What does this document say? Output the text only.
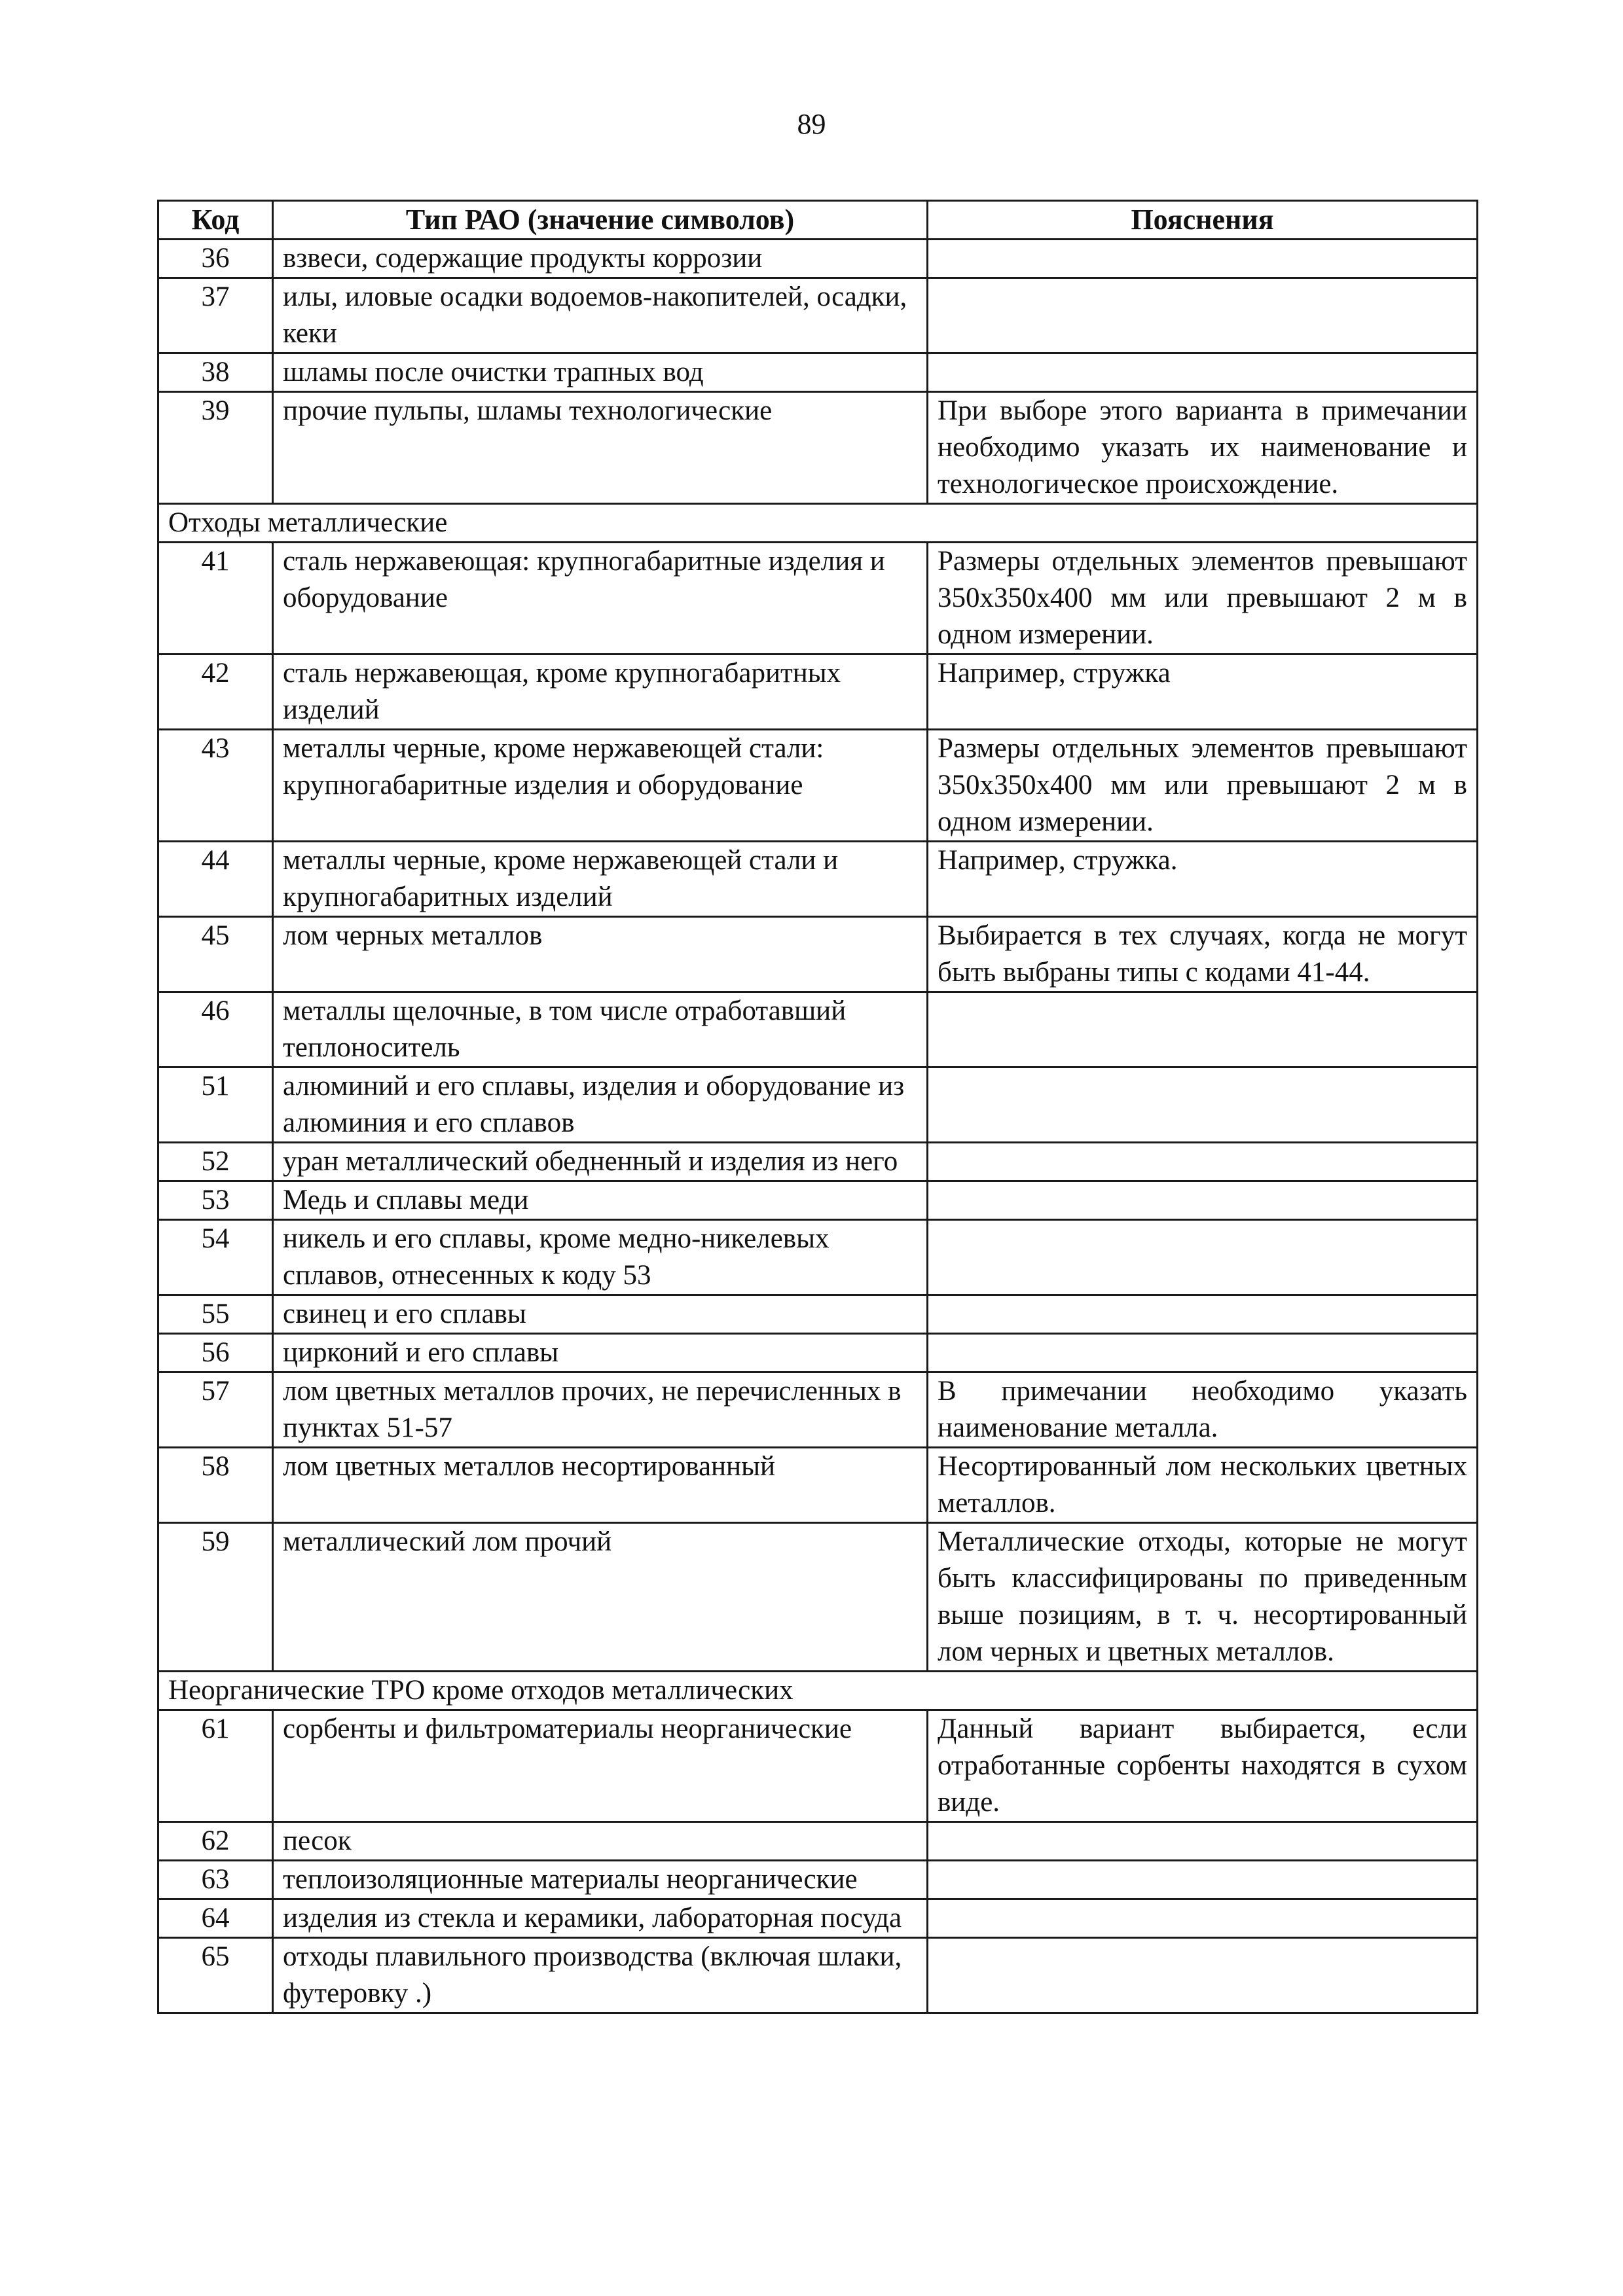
89
Код	Тип РАО (значение символов)	Пояснения
36	взвеси, содержащие продукты коррозии	
37	илы, иловые осадки водоемов-накопителей, осадки, кеки	
38	шламы после очистки трапных вод	
39	прочие пульпы, шламы технологические	При выборе этого варианта в примечании необходимо указать их наименование и технологическое происхождение.
Отходы металлические		
41	сталь нержавеющая: крупногабаритные изделия и оборудование	Размеры отдельных элементов превышают 350х350х400 мм или превышают 2 м в одном измерении.
42	сталь нержавеющая, кроме крупногабаритных изделий	Например, стружка
43	металлы черные, кроме нержавеющей стали: крупногабаритные изделия и оборудование	Размеры отдельных элементов превышают 350х350х400 мм или превышают 2 м в одном измерении.
44	металлы черные, кроме нержавеющей стали и крупногабаритных изделий	Например, стружка.
45	лом черных металлов	Выбирается в тех случаях, когда не могут быть выбраны типы с кодами 41-44.
46	металлы щелочные, в том числе отработавший теплоноситель	
51	алюминий и его сплавы, изделия и оборудование из алюминия и его сплавов	
52	уран металлический обедненный и изделия из него	
53	Медь и сплавы меди	
54	никель и его сплавы, кроме медно-никелевых сплавов, отнесенных к коду 53	
55	свинец и его сплавы	
56	цирконий и его сплавы	
57	лом цветных металлов прочих, не перечисленных в пунктах 51-57	В примечании необходимо указать наименование металла.
58	лом цветных металлов несортированный	Несортированный лом нескольких цветных металлов.
59	металлический лом прочий	Металлические отходы, которые не могут быть классифицированы по приведенным выше позициям, в т. ч. несортированный лом черных и цветных металлов.
Неорганические ТРО кроме отходов металлических		
61	сорбенты и фильтроматериалы неорганические	Данный вариант выбирается, если отработанные сорбенты находятся в сухом виде.
62	песок	
63	теплоизоляционные материалы неорганические	
64	изделия из стекла и керамики, лабораторная посуда	
65	отходы плавильного производства (включая шлаки, футеровку .)	
